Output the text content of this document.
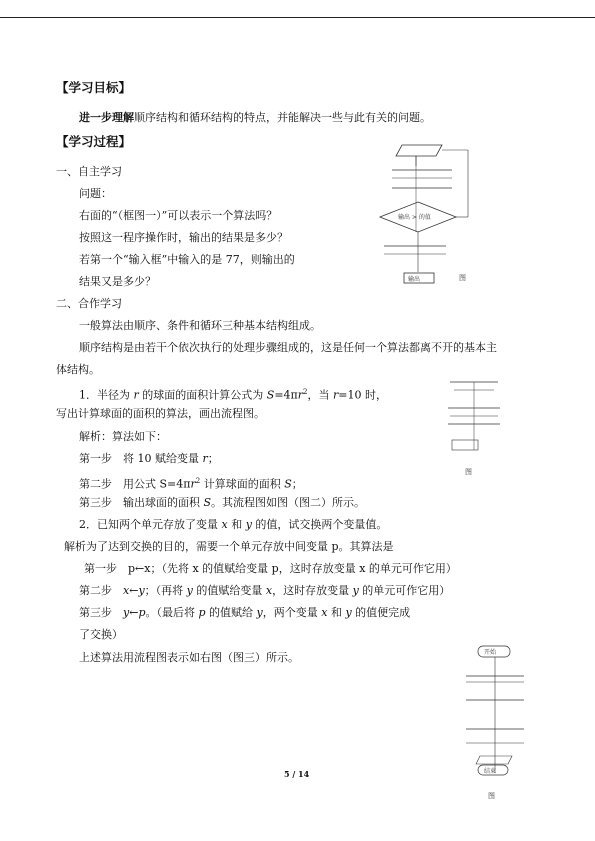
【学习目标】
进一步理解顺序结构和循环结构的特点，并能解决一些与此有关的问题。
【学习过程】
一、自主学习
问题：
右面的“（框图一）”可以表示一个算法吗？
按照这一程序操作时，输出的结果是多少？
若第一个“输入框”中输入的是 77，则输出的
结果又是多少？
输出 > 的值
输出	图
二、合作学习
一般算法由顺序、条件和循环三种基本结构组成。
顺序结构是由若干个依次执行的处理步骤组成的，这是任何一个算法都离不开的基本主
体结构。
1．半径为 r 的球面的面积计算公式为 $S=4\pi r^2$，当 r=10 时，
写出计算球面的面积的算法，画出流程图。
解析：算法如下：
第一步　将 10 赋给变量 r；
第二步　用公式 $S=4\pi r^2$ 计算球面的面积 S；
第三步　输出球面的面积 S。其流程图如图（图二）所示。
图
2．已知两个单元存放了变量 x 和 y 的值，试交换两个变量值。
解析为了达到交换的目的，需要一个单元存放中间变量 p。其算法是
第一步　p←x；（先将 x 的值赋给变量 p，这时存放变量 x 的单元可作它用）
第二步　x←y；（再将 y 的值赋给变量 x，这时存放变量 y 的单元可作它用）
第三步　y←p。（最后将 p 的值赋给 y，两个变量 x 和 y 的值便完成
了交换）
上述算法用流程图表示如右图（图三）所示。	开始
结束
图
5 / 14
